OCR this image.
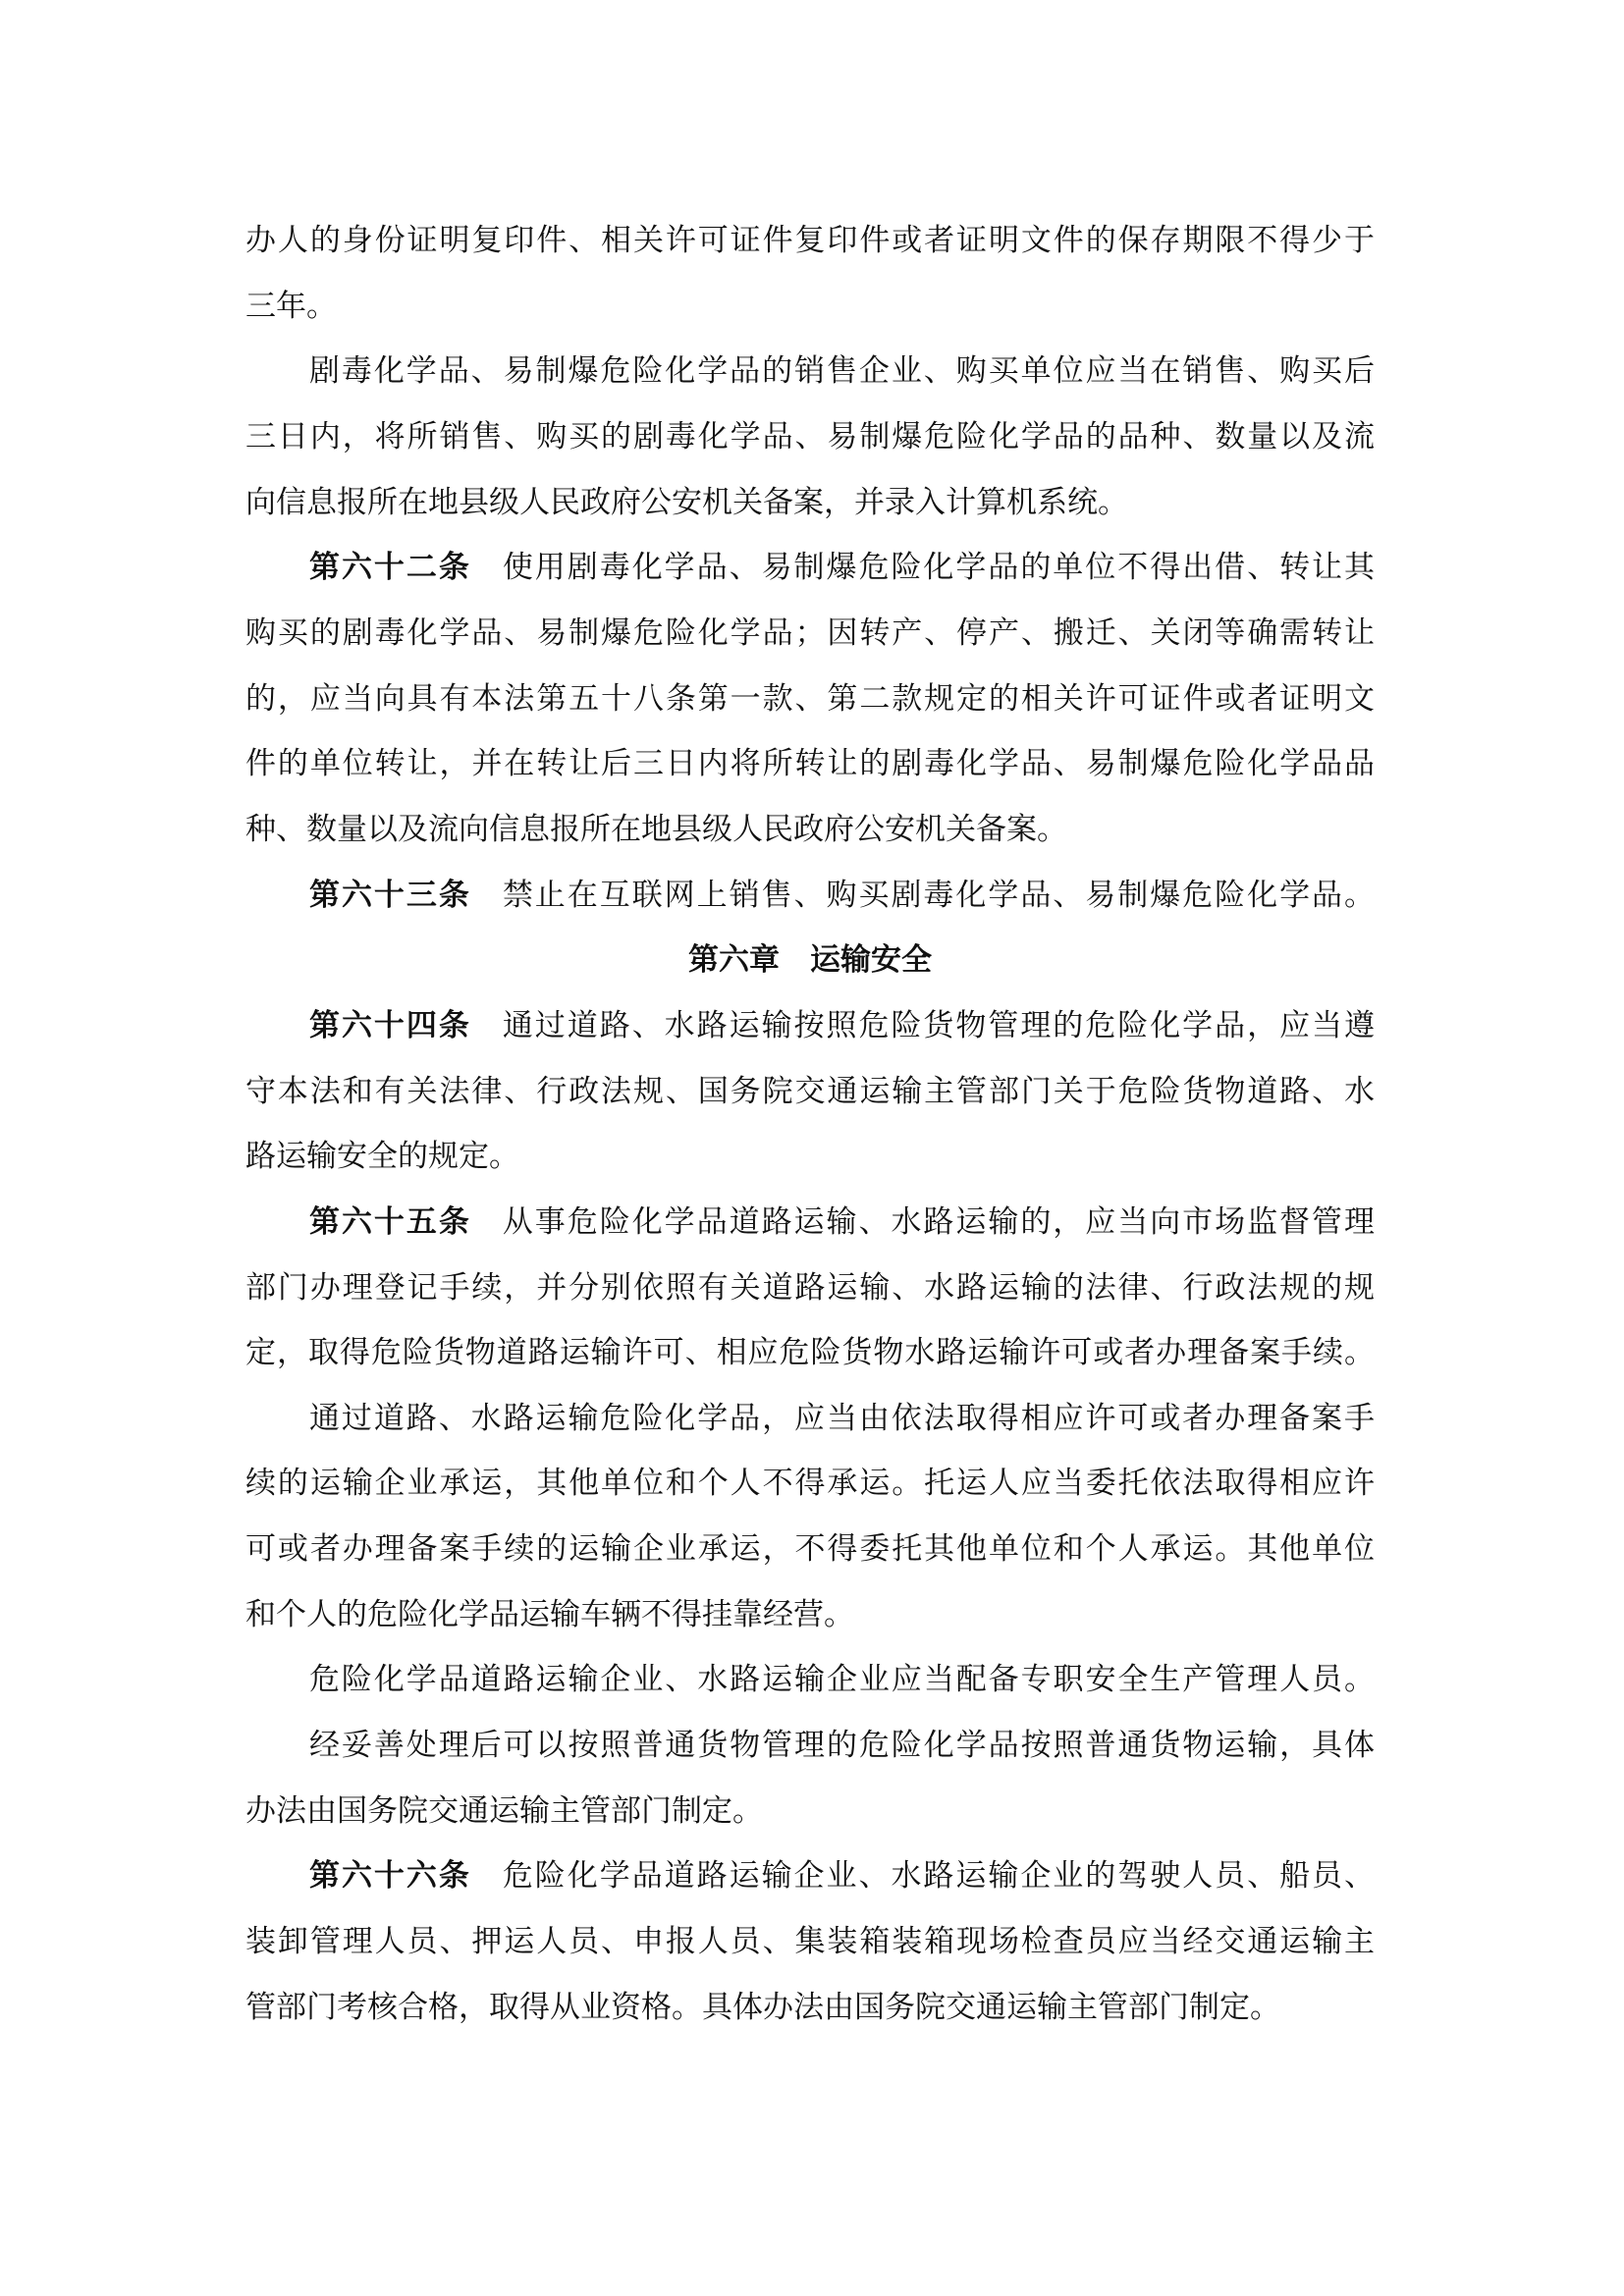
办人的身份证明复印件、相关许可证件复印件或者证明文件的保存期限不得少于
三年。
剧毒化学品、易制爆危险化学品的销售企业、购买单位应当在销售、购买后
三日内，将所销售、购买的剧毒化学品、易制爆危险化学品的品种、数量以及流
向信息报所在地县级人民政府公安机关备案，并录入计算机系统。
第六十二条 使用剧毒化学品、易制爆危险化学品的单位不得出借、转让其
购买的剧毒化学品、易制爆危险化学品；因转产、停产、搬迁、关闭等确需转让
的，应当向具有本法第五十八条第一款、第二款规定的相关许可证件或者证明文
件的单位转让，并在转让后三日内将所转让的剧毒化学品、易制爆危险化学品品
种、数量以及流向信息报所在地县级人民政府公安机关备案。
第六十三条 禁止在互联网上销售、购买剧毒化学品、易制爆危险化学品。
第六章　运输安全
第六十四条 通过道路、水路运输按照危险货物管理的危险化学品，应当遵
守本法和有关法律、行政法规、国务院交通运输主管部门关于危险货物道路、水
路运输安全的规定。
第六十五条 从事危险化学品道路运输、水路运输的，应当向市场监督管理
部门办理登记手续，并分别依照有关道路运输、水路运输的法律、行政法规的规
定，取得危险货物道路运输许可、相应危险货物水路运输许可或者办理备案手续。
通过道路、水路运输危险化学品，应当由依法取得相应许可或者办理备案手
续的运输企业承运，其他单位和个人不得承运。托运人应当委托依法取得相应许
可或者办理备案手续的运输企业承运，不得委托其他单位和个人承运。其他单位
和个人的危险化学品运输车辆不得挂靠经营。
危险化学品道路运输企业、水路运输企业应当配备专职安全生产管理人员。
经妥善处理后可以按照普通货物管理的危险化学品按照普通货物运输，具体
办法由国务院交通运输主管部门制定。
第六十六条 危险化学品道路运输企业、水路运输企业的驾驶人员、船员、
装卸管理人员、押运人员、申报人员、集装箱装箱现场检查员应当经交通运输主
管部门考核合格，取得从业资格。具体办法由国务院交通运输主管部门制定。
